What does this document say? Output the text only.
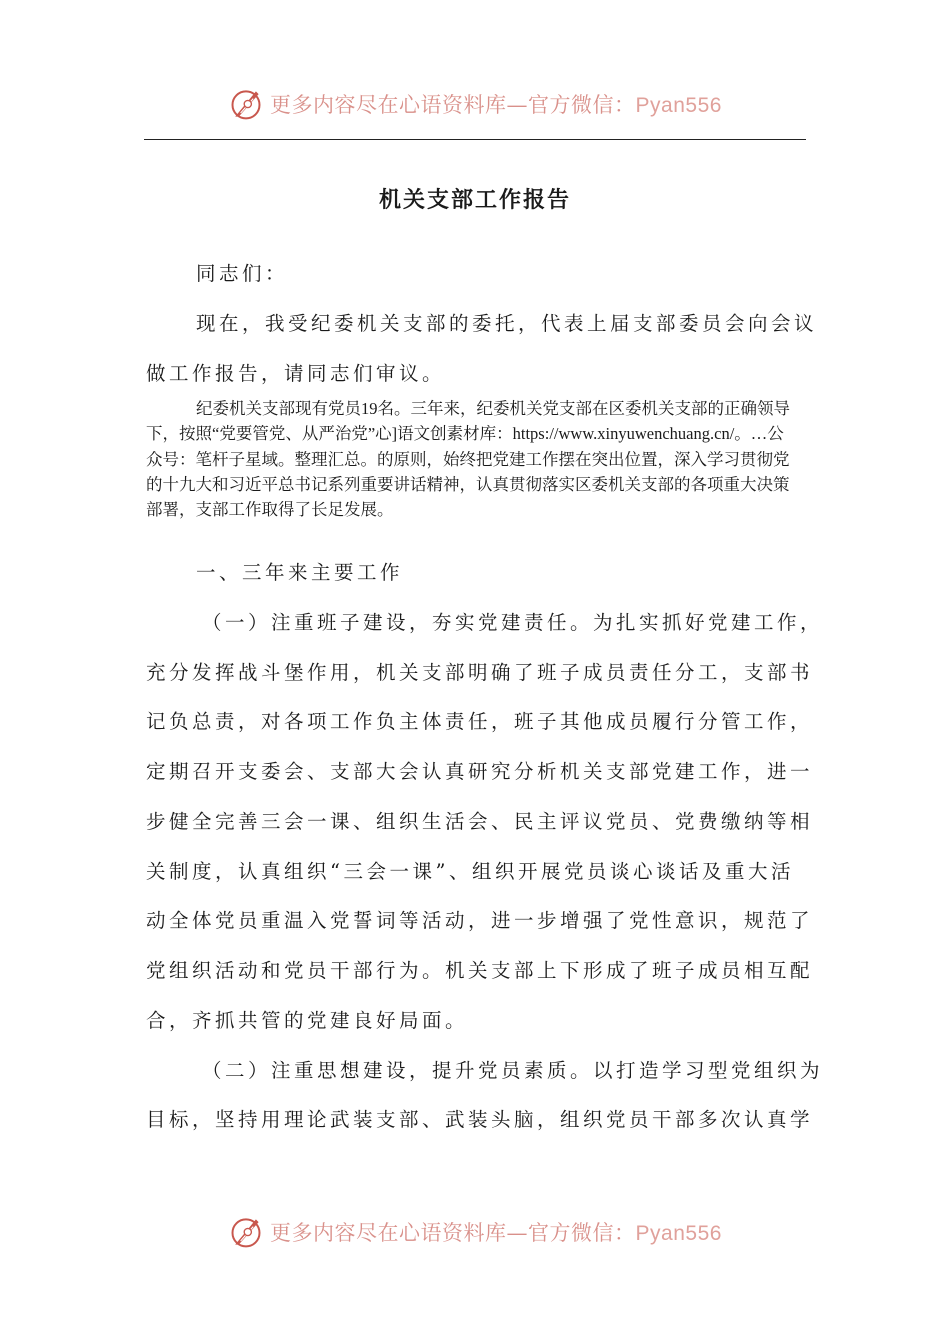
更多内容尽在心语资料库—官方微信：Pyan556
机关支部工作报告

同志们：

现在，我受纪委机关支部的委托，代表上届支部委员会向会议

做工作报告，请同志们审议。

纪委机关支部现有党员19名。三年来，纪委机关党支部在区委机关支部的正确领导下，按照“党要管党、从严治党”心]语文创素材库：https://www.xinyuwenchuang.cn/。…公众号：笔杆子星域。整理汇总。的原则，始终把党建工作摆在突出位置，深入学习贯彻党的十九大和习近平总书记系列重要讲话精神，认真贯彻落实区委机关支部的各项重大决策部署，支部工作取得了长足发展。

一、三年来主要工作

（一）注重班子建设，夯实党建责任。为扎实抓好党建工作，

充分发挥战斗堡作用，机关支部明确了班子成员责任分工，支部书

记负总责，对各项工作负主体责任，班子其他成员履行分管工作，

定期召开支委会、支部大会认真研究分析机关支部党建工作，进一

步健全完善三会一课、组织生活会、民主评议党员、党费缴纳等相

关制度，认真组织“三会一课”、组织开展党员谈心谈话及重大活

动全体党员重温入党誓词等活动，进一步增强了党性意识，规范了

党组织活动和党员干部行为。机关支部上下形成了班子成员相互配

合，齐抓共管的党建良好局面。

（二）注重思想建设，提升党员素质。以打造学习型党组织为

目标，坚持用理论武装支部、武装头脑，组织党员干部多次认真学

更多内容尽在心语资料库—官方微信：Pyan556
